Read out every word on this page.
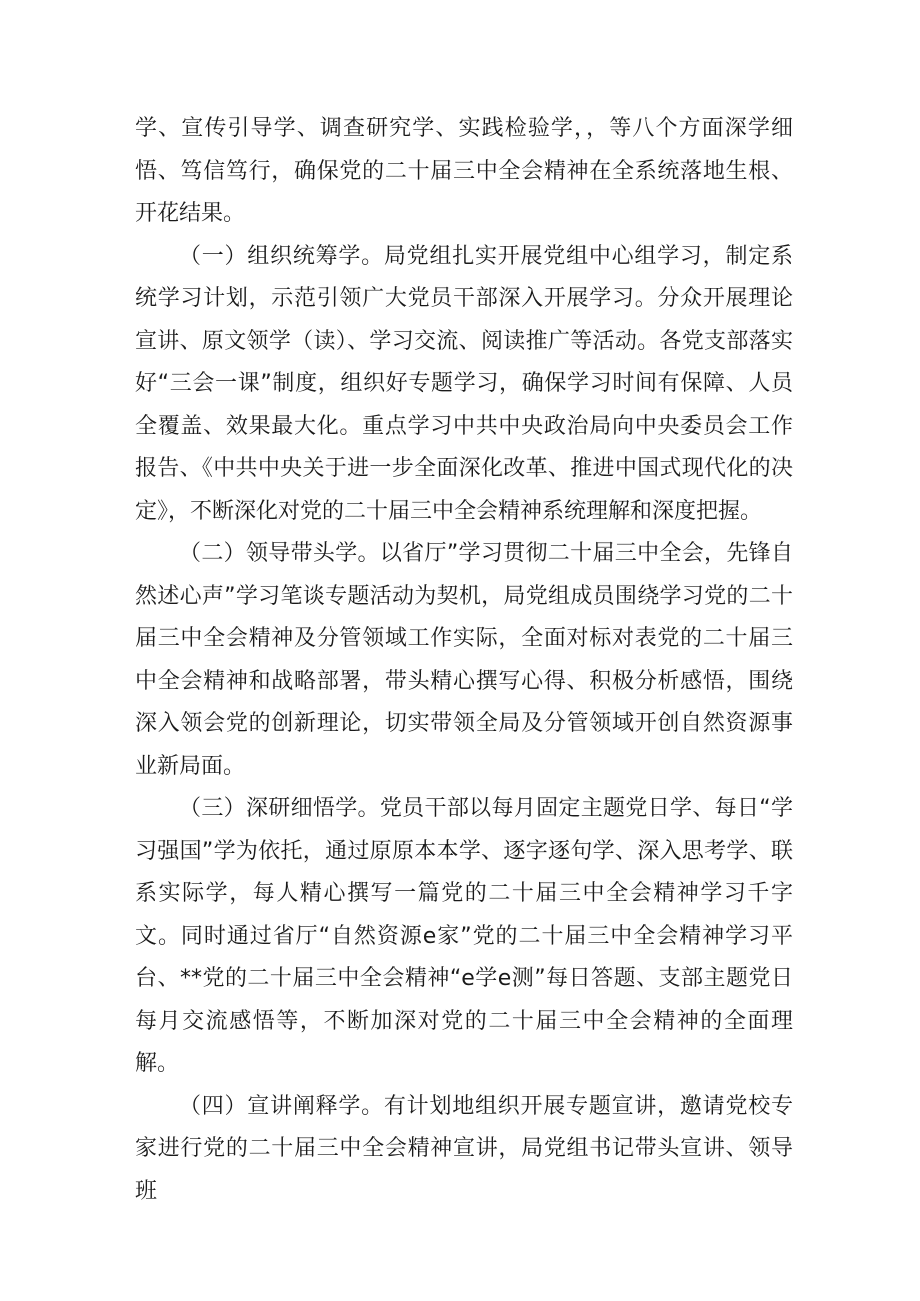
学、宣传引导学、调查研究学、实践检验学，，等八个方面深学细悟、笃信笃行，确保党的二十届三中全会精神在全系统落地生根、开花结果。

（一）组织统筹学。局党组扎实开展党组中心组学习，制定系统学习计划，示范引领广大党员干部深入开展学习。分众开展理论宣讲、原文领学（读）、学习交流、阅读推广等活动。各党支部落实好“三会一课”制度，组织好专题学习，确保学习时间有保障、人员全覆盖、效果最大化。重点学习中共中央政治局向中央委员会工作报告、《中共中央关于进一步全面深化改革、推进中国式现代化的决定》，不断深化对党的二十届三中全会精神系统理解和深度把握。

（二）领导带头学。以省厅”学习贯彻二十届三中全会，先锋自然述心声”学习笔谈专题活动为契机，局党组成员围绕学习党的二十届三中全会精神及分管领域工作实际，全面对标对表党的二十届三中全会精神和战略部署，带头精心撰写心得、积极分析感悟，围绕深入领会党的创新理论，切实带领全局及分管领域开创自然资源事业新局面。

（三）深研细悟学。党员干部以每月固定主题党日学、每日“学习强国”学为依托，通过原原本本学、逐字逐句学、深入思考学、联系实际学，每人精心撰写一篇党的二十届三中全会精神学习千字文。同时通过省厅“自然资源e家”党的二十届三中全会精神学习平台、**党的二十届三中全会精神“e学e测”每日答题、支部主题党日每月交流感悟等，不断加深对党的二十届三中全会精神的全面理解。

（四）宣讲阐释学。有计划地组织开展专题宣讲，邀请党校专家进行党的二十届三中全会精神宣讲，局党组书记带头宣讲、领导班
